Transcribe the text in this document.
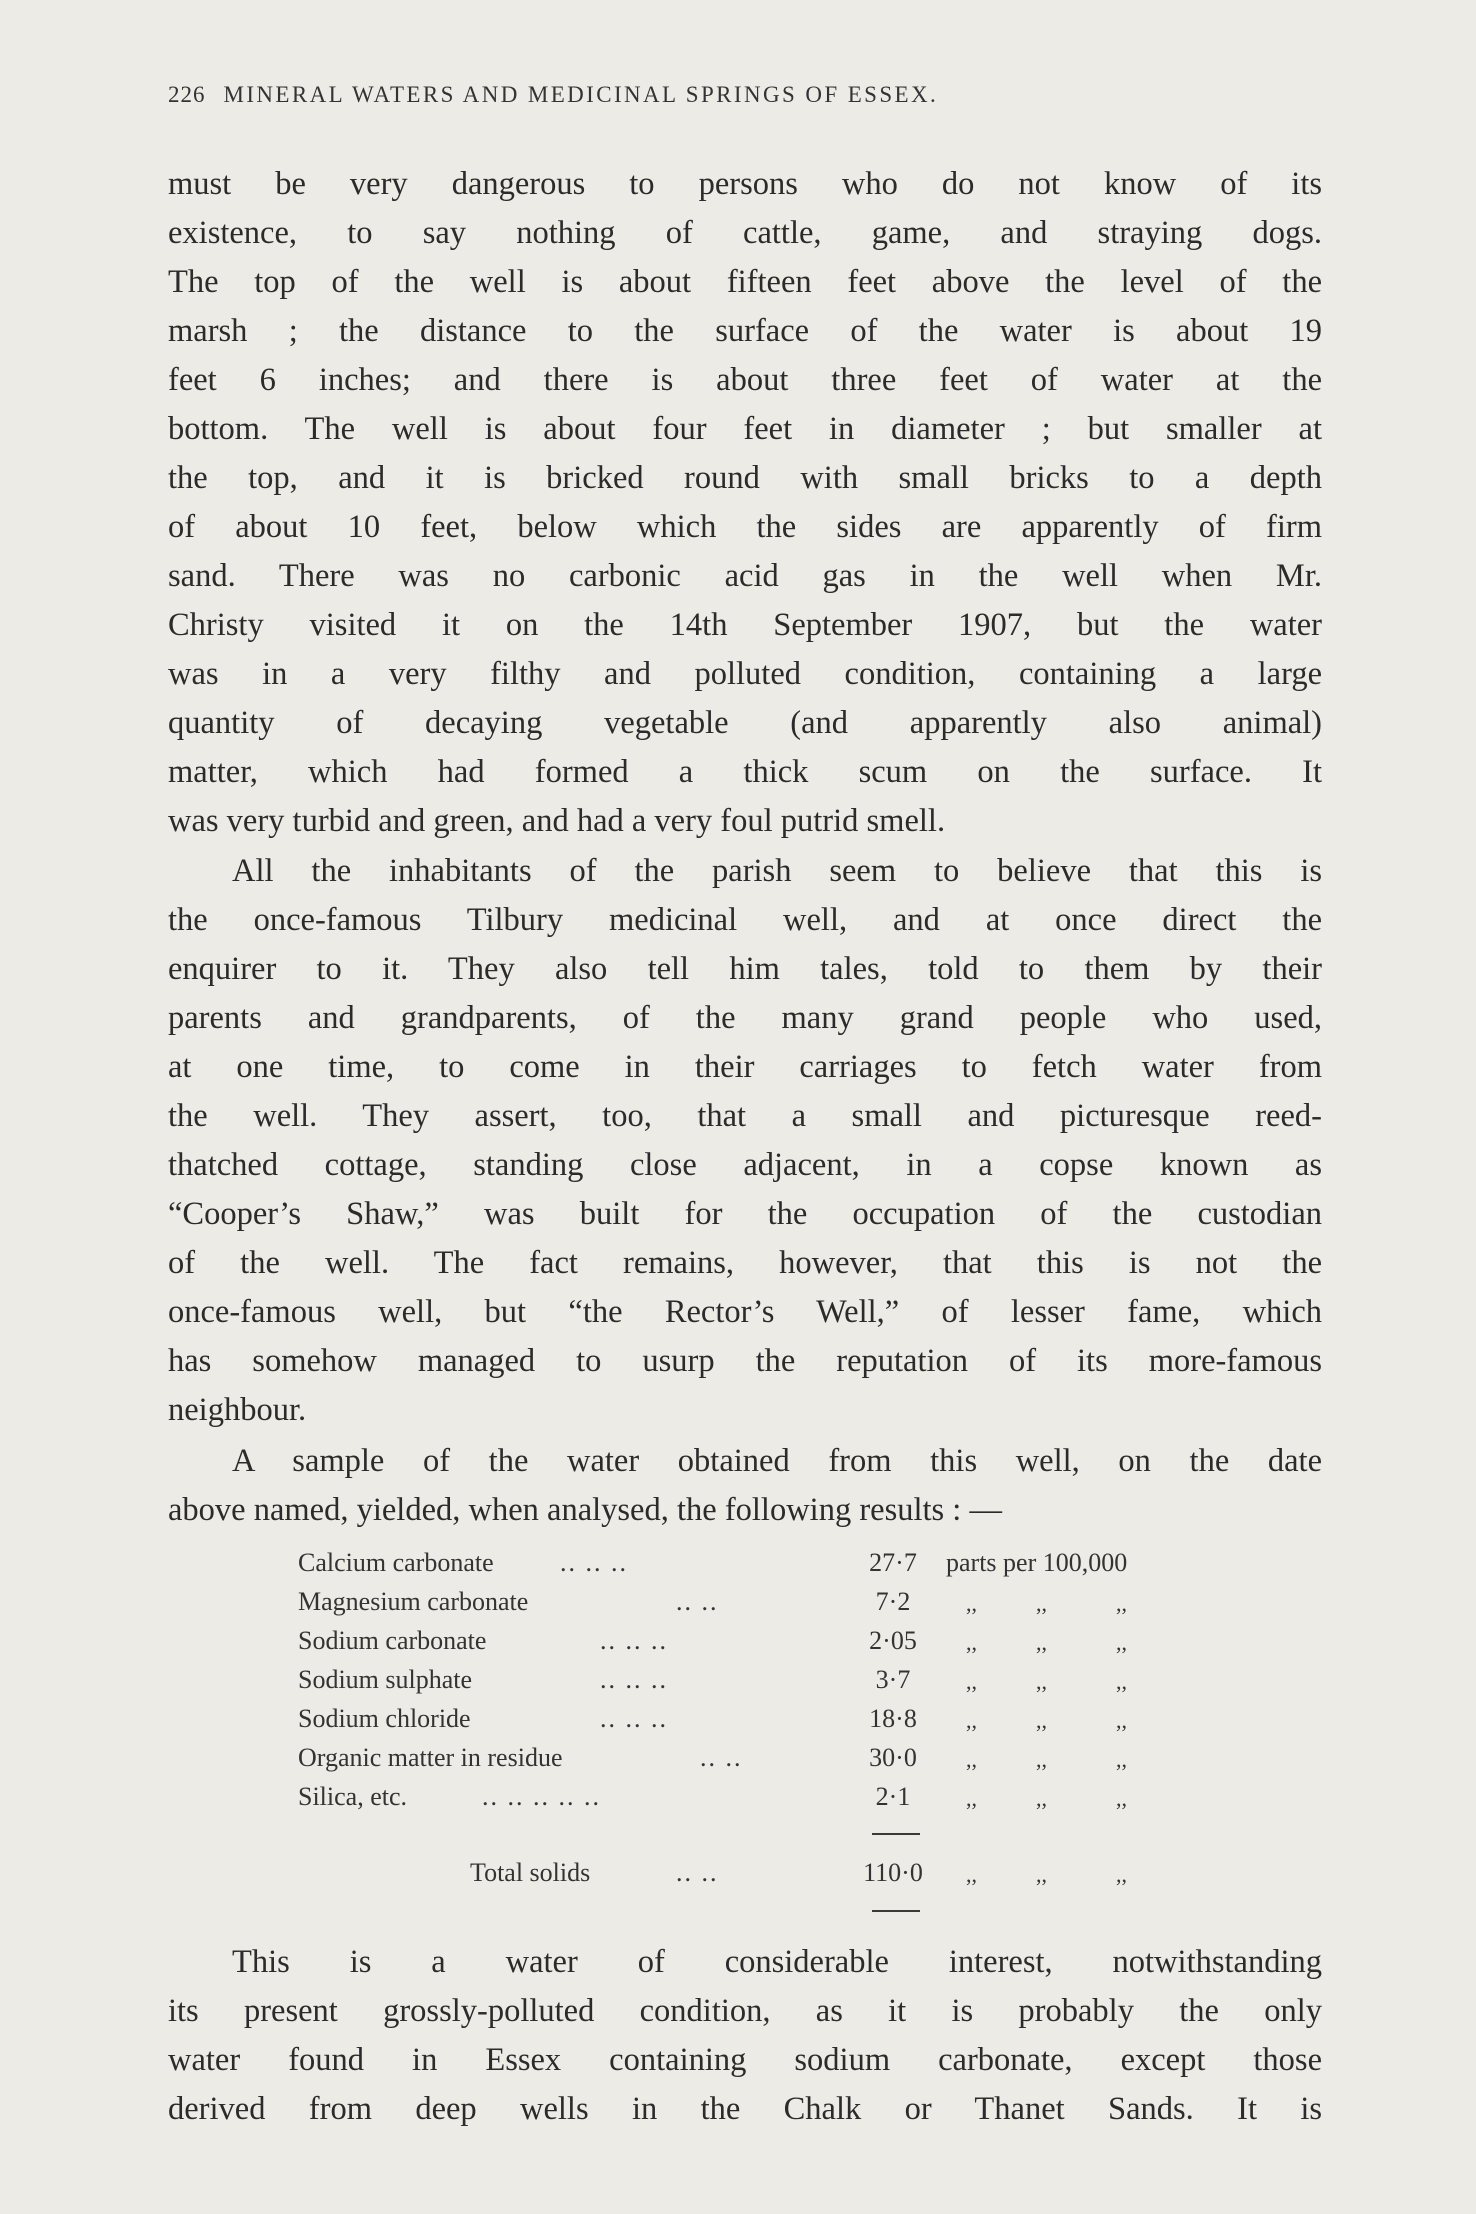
226 MINERAL WATERS AND MEDICINAL SPRINGS OF ESSEX.
must be very dangerous to persons who do not know of its
existence, to say nothing of cattle, game, and straying dogs.
The top of the well is about fifteen feet above the level of the
marsh ; the distance to the surface of the water is about 19
feet 6 inches; and there is about three feet of water at the
bottom. The well is about four feet in diameter ; but smaller at
the top, and it is bricked round with small bricks to a depth
of about 10 feet, below which the sides are apparently of firm
sand. There was no carbonic acid gas in the well when Mr.
Christy visited it on the 14th September 1907, but the water
was in a very filthy and polluted condition, containing a large
quantity of decaying vegetable (and apparently also animal)
matter, which had formed a thick scum on the surface. It
was very turbid and green, and had a very foul putrid smell.
All the inhabitants of the parish seem to believe that this is
the once-famous Tilbury medicinal well, and at once direct the
enquirer to it. They also tell him tales, told to them by their
parents and grandparents, of the many grand people who used,
at one time, to come in their carriages to fetch water from
the well. They assert, too, that a small and picturesque reed-
thatched cottage, standing close adjacent, in a copse known as
“Cooper’s Shaw,” was built for the occupation of the custodian
of the well. The fact remains, however, that this is not the
once-famous well, but “the Rector’s Well,” of lesser fame, which
has somehow managed to usurp the reputation of its more-famous
neighbour.
A sample of the water obtained from this well, on the date
above named, yielded, when analysed, the following results : —
Calcium carbonate	.. .. ..	27·7	parts per 100,000
Magnesium carbonate	.. ..	7·2	,,	,,	,,
Sodium carbonate	.. .. ..	2·05	,,	,,	,,
Sodium sulphate	.. .. ..	3·7	,,	,,	,,
Sodium chloride	.. .. ..	18·8	,,	,,	,,
Organic matter in residue	.. ..	30·0	,,	,,	,,
Silica, etc.	.. .. .. .. ..	2·1	,,	,,	,,
Total solids	.. ..	110·0 ,,	,,	,,
This is a water of considerable interest, notwithstanding
its present grossly-polluted condition, as it is probably the only
water found in Essex containing sodium carbonate, except those
derived from deep wells in the Chalk or Thanet Sands. It is
